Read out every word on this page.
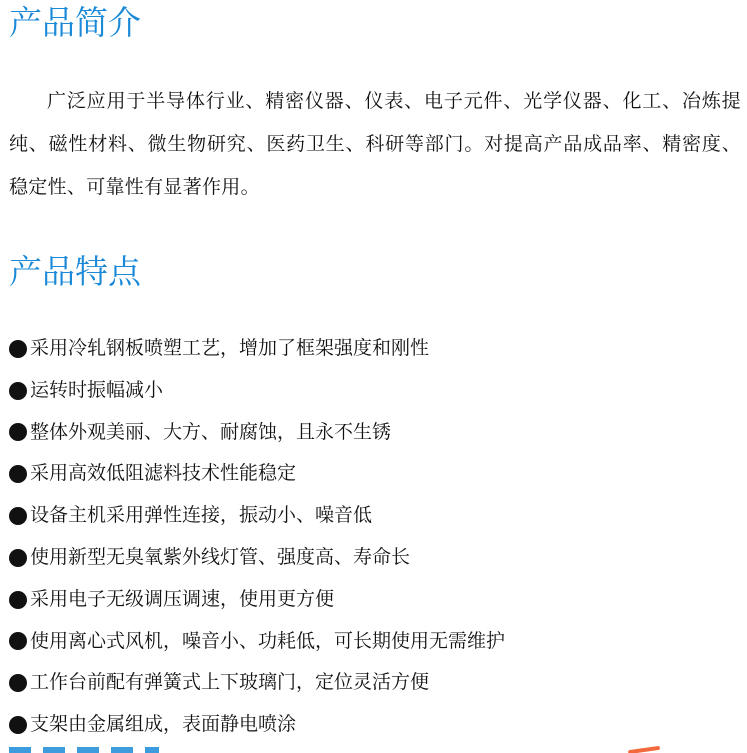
产品简介

广泛应用于半导体行业、精密仪器、仪表、电子元件、光学仪器、化工、冶炼提纯、磁性材料、微生物研究、医药卫生、科研等部门。对提高产品成品率、精密度、稳定性、可靠性有显著作用。

产品特点
采用冷轧钢板喷塑工艺，增加了框架强度和刚性
运转时振幅减小
整体外观美丽、大方、耐腐蚀，且永不生锈
采用高效低阻滤料技术性能稳定
设备主机采用弹性连接，振动小、噪音低
使用新型无臭氧紫外线灯管、强度高、寿命长
采用电子无级调压调速，使用更方便
使用离心式风机，噪音小、功耗低，可长期使用无需维护
工作台前配有弹簧式上下玻璃门，定位灵活方便
支架由金属组成，表面静电喷涂
